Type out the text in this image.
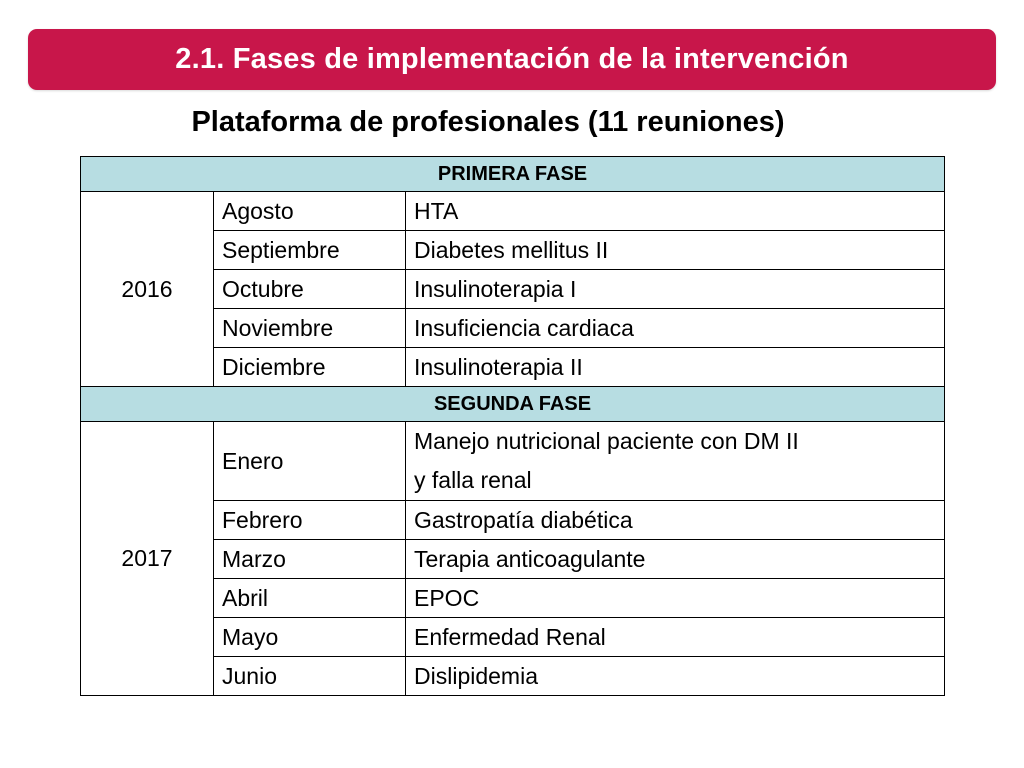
2.1. Fases de implementación de la intervención
Plataforma de profesionales (11 reuniones)
PRIMERA FASE		
2016	Agosto	HTA
	Septiembre	Diabetes mellitus II
	Octubre	Insulinoterapia I
	Noviembre	Insuficiencia cardiaca
	Diciembre	Insulinoterapia II
SEGUNDA FASE		
2017	Enero	Manejo nutricional paciente con DM II
y falla renal

	Febrero	Gastropatía diabética
	Marzo	Terapia anticoagulante
	Abril	EPOC
	Mayo	Enfermedad Renal
	Junio	Dislipidemia
